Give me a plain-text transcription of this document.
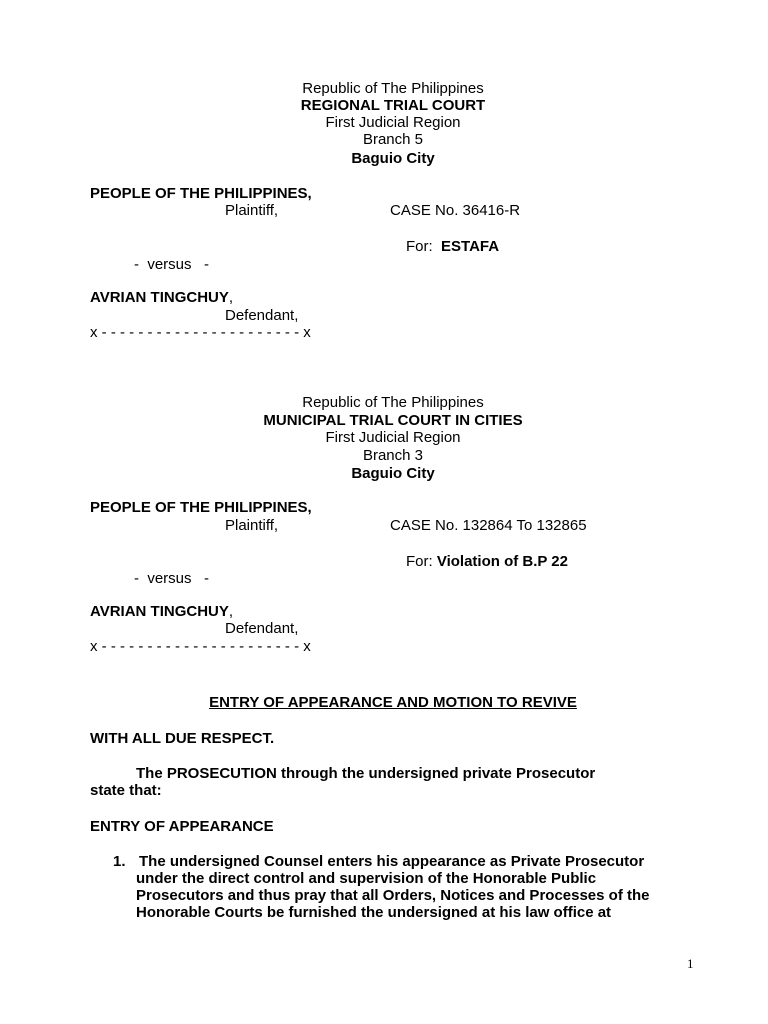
Republic of The Philippines
REGIONAL TRIAL COURT
First Judicial Region
Branch 5
Baguio City
PEOPLE OF THE PHILIPPINES,
Plaintiff,	CASE No. 36416-R
For: ESTAFA
-  versus   -
AVRIAN TINGCHUY,
Defendant,
x - - - - - - - - - - - - - - - - - - - - - - x
Republic of The Philippines
MUNICIPAL TRIAL COURT IN CITIES
First Judicial Region
Branch 3
Baguio City
PEOPLE OF THE PHILIPPINES,
Plaintiff,	CASE No. 132864 To 132865
For: Violation of B.P 22
-  versus   -
AVRIAN TINGCHUY,
Defendant,
x - - - - - - - - - - - - - - - - - - - - - - x
ENTRY OF APPEARANCE AND MOTION TO REVIVE
WITH ALL DUE RESPECT.
The PROSECUTION through the undersigned private Prosecutor
state that:
ENTRY OF APPEARANCE
1. The undersigned Counsel enters his appearance as Private Prosecutor
under the direct control and supervision of the Honorable Public
Prosecutors and thus pray that all Orders, Notices and Processes of the
Honorable Courts be furnished the undersigned at his law office at
1
